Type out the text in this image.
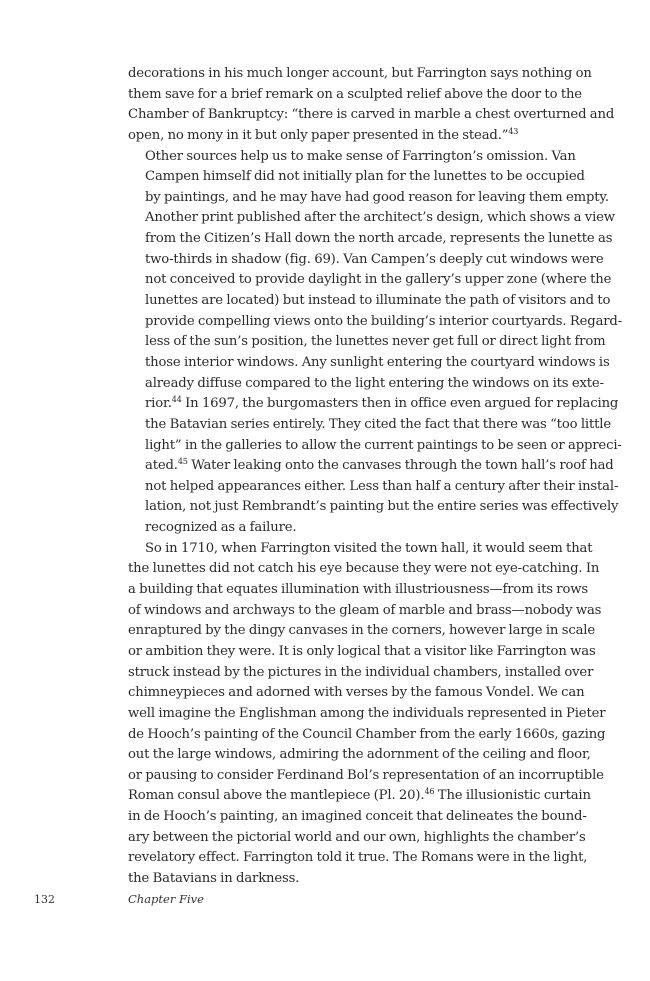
decorations in his much longer account, but Farrington says nothing on
them save for a brief remark on a sculpted relief above the door to the
Chamber of Bankruptcy: “there is carved in marble a chest overturned and
open, no mony in it but only paper presented in the stead.”$^{43}$

Other sources help us to make sense of Farrington’s omission. Van
Campen himself did not initially plan for the lunettes to be occupied
by paintings, and he may have had good reason for leaving them empty.
Another print published after the architect’s design, which shows a view
from the Citizen’s Hall down the north arcade, represents the lunette as
two-thirds in shadow (fig. 69). Van Campen’s deeply cut windows were
not conceived to provide daylight in the gallery’s upper zone (where the
lunettes are located) but instead to illuminate the path of visitors and to
provide compelling views onto the building’s interior courtyards. Regard-
less of the sun’s position, the lunettes never get full or direct light from
those interior windows. Any sunlight entering the courtyard windows is
already diffuse compared to the light entering the windows on its exte-
rior.$^{44}$ In 1697, the burgomasters then in office even argued for replacing
the Batavian series entirely. They cited the fact that there was “too little
light” in the galleries to allow the current paintings to be seen or appreci-
ated.$^{45}$ Water leaking onto the canvases through the town hall’s roof had
not helped appearances either. Less than half a century after their instal-
lation, not just Rembrandt’s painting but the entire series was effectively
recognized as a failure.

So in 1710, when Farrington visited the town hall, it would seem that
the lunettes did not catch his eye because they were not eye-catching. In
a building that equates illumination with illustriousness—from its rows
of windows and archways to the gleam of marble and brass—nobody was
enraptured by the dingy canvases in the corners, however large in scale
or ambition they were. It is only logical that a visitor like Farrington was
struck instead by the pictures in the individual chambers, installed over
chimneypieces and adorned with verses by the famous Vondel. We can
well imagine the Englishman among the individuals represented in Pieter
de Hooch’s painting of the Council Chamber from the early 1660s, gazing
out the large windows, admiring the adornment of the ceiling and floor,
or pausing to consider Ferdinand Bol’s representation of an incorruptible
Roman consul above the mantlepiece (Pl. 20).$^{46}$ The illusionistic curtain
in de Hooch’s painting, an imagined conceit that delineates the bound-
ary between the pictorial world and our own, highlights the chamber’s
revelatory effect. Farrington told it true. The Romans were in the light,
the Batavians in darkness.

132	Chapter Five
